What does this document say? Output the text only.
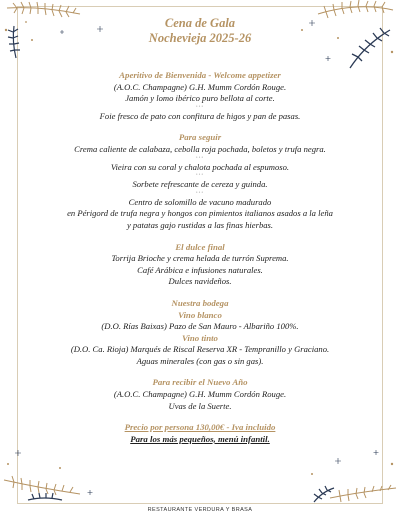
Cena de Gala
Nochevieja 2025-26
Aperitivo de Bienvenida - Welcome appetizer
(A.O.C. Champagne) G.H. Mumm Cordón Rouge.
Jamón y lomo ibérico puro bellota al corte.
•••
Foie fresco de pato con confitura de higos y pan de pasas.
Para seguir
Crema caliente de calabaza, cebolla roja pochada, boletos y trufa negra.
•••
Vieira con su coral y chalota pochada al espumoso.
•••
Sorbete refrescante de cereza y guinda.
•••
Centro de solomillo de vacuno madurado
en Périgord de trufa negra y hongos con pimientos italianos asados a la leña
y patatas gajo rustidas a las finas hierbas.
El dulce final
Torrija Brioche y crema helada de turrón Suprema.
Café Arábica e infusiones naturales.
Dulces navideños.
Nuestra bodega
Vino blanco
(D.O. Rías Baixas) Pazo de San Mauro - Albariño 100%.
Vino tinto
(D.O. Ca. Rioja) Marqués de Riscal Reserva XR - Tempranillo y Graciano.
Aguas minerales (con gas o sin gas).
Para recibir el Nuevo Año
(A.O.C. Champagne) G.H. Mumm Cordón Rouge.
Uvas de la Suerte.
Precio por persona 130,00€ - Iva incluido
Para los más pequeños, menú infantil.
RESTAURANTE VERDURA Y BRASA
